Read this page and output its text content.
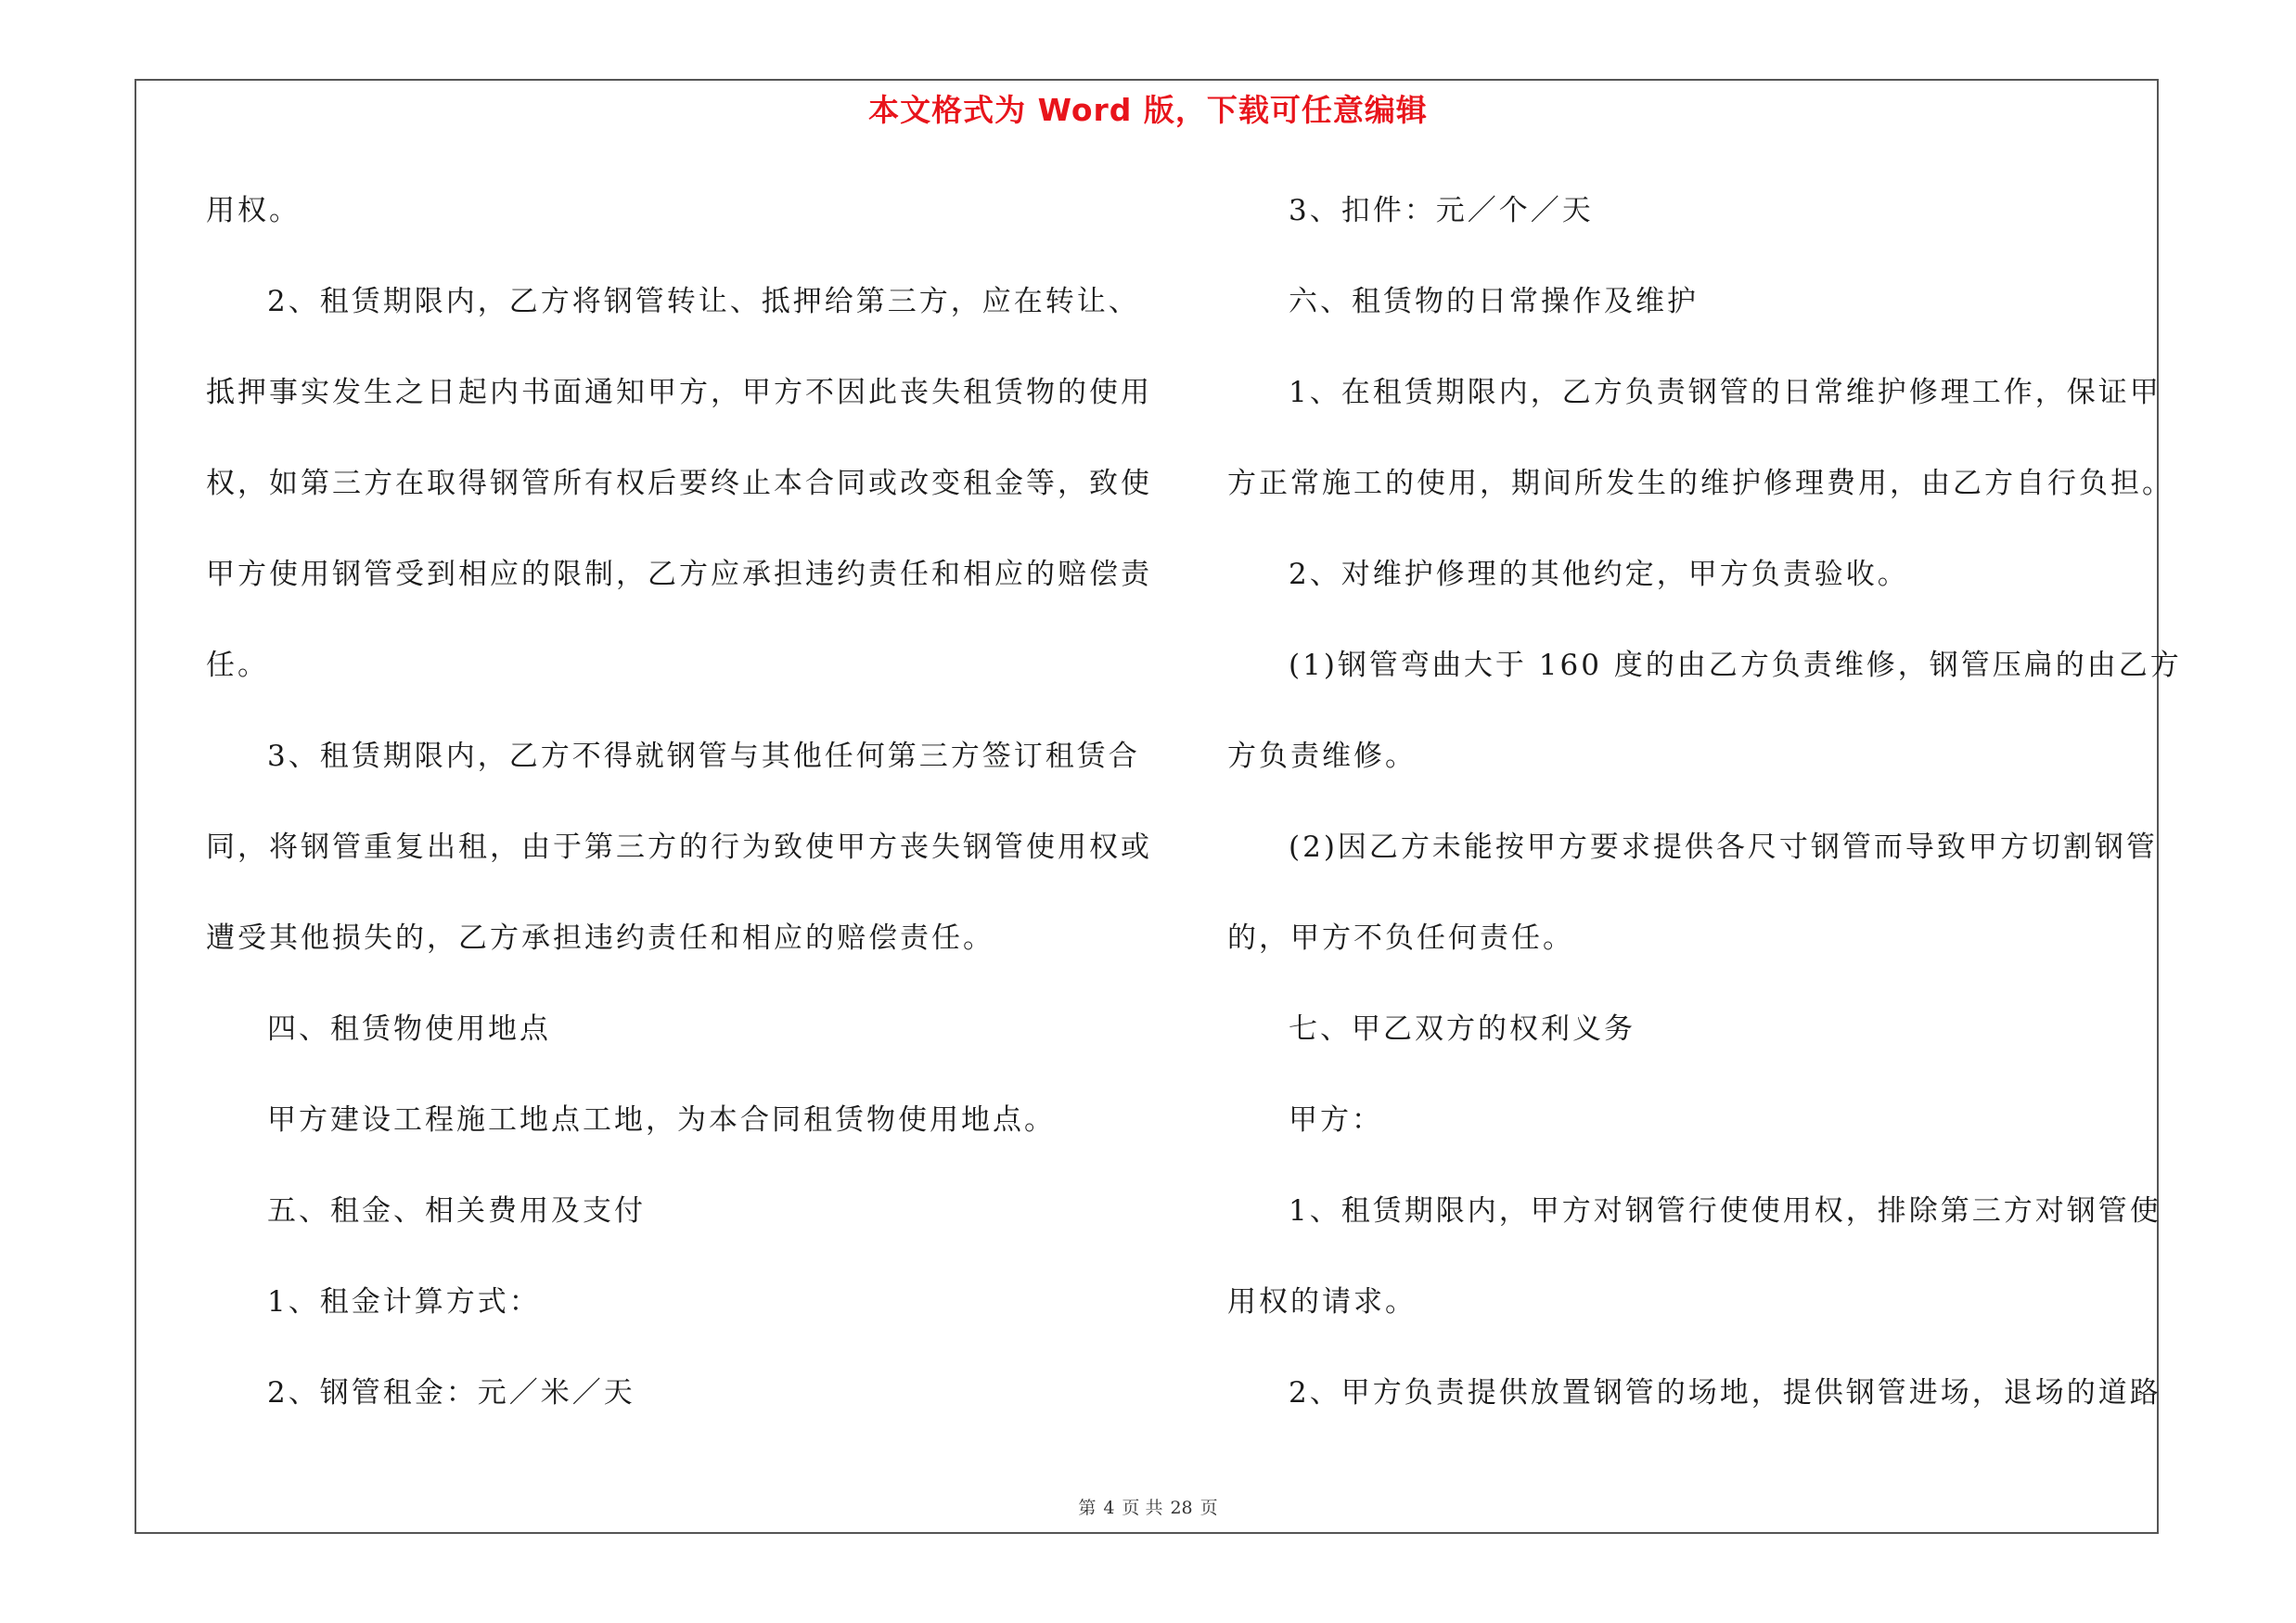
本文格式为 Word 版，下载可任意编辑
用权。
2、租赁期限内，乙方将钢管转让、抵押给第三方，应在转让、
抵押事实发生之日起内书面通知甲方，甲方不因此丧失租赁物的使用
权，如第三方在取得钢管所有权后要终止本合同或改变租金等，致使
甲方使用钢管受到相应的限制，乙方应承担违约责任和相应的赔偿责
任。
3、租赁期限内，乙方不得就钢管与其他任何第三方签订租赁合
同，将钢管重复出租，由于第三方的行为致使甲方丧失钢管使用权或
遭受其他损失的，乙方承担违约责任和相应的赔偿责任。
四、租赁物使用地点
甲方建设工程施工地点工地，为本合同租赁物使用地点。
五、租金、相关费用及支付
1、租金计算方式：
2、钢管租金：元／米／天
3、扣件：元／个／天
六、租赁物的日常操作及维护
1、在租赁期限内，乙方负责钢管的日常维护修理工作，保证甲
方正常施工的使用，期间所发生的维护修理费用，由乙方自行负担。
2、对维护修理的其他约定，甲方负责验收。
(1)钢管弯曲大于 160 度的由乙方负责维修，钢管压扁的由乙方
方负责维修。
(2)因乙方未能按甲方要求提供各尺寸钢管而导致甲方切割钢管
的，甲方不负任何责任。
七、甲乙双方的权利义务
甲方：
1、租赁期限内，甲方对钢管行使使用权，排除第三方对钢管使
用权的请求。
2、甲方负责提供放置钢管的场地，提供钢管进场，退场的道路
第 4 页 共 28 页
